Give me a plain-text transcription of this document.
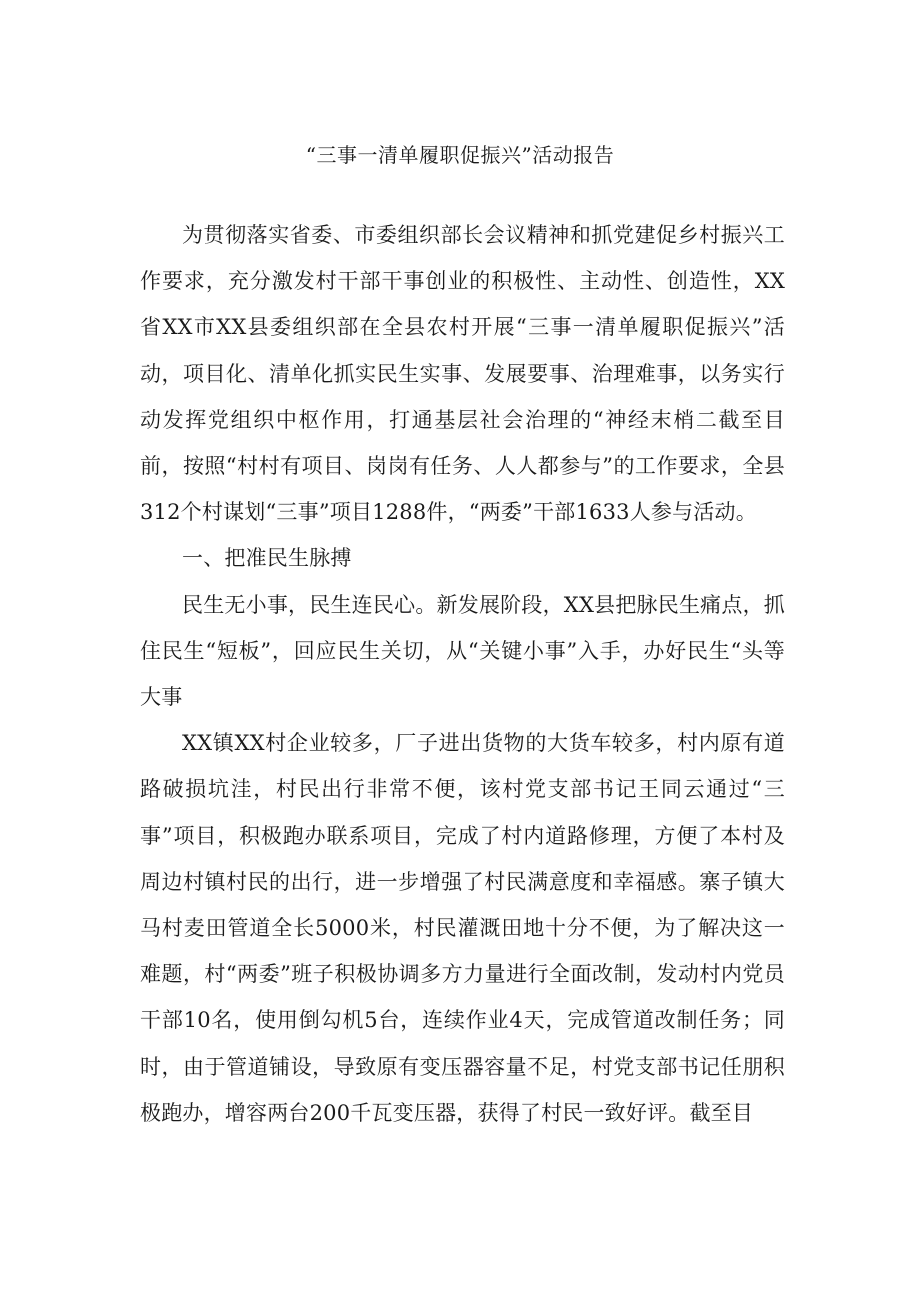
“三事一清单履职促振兴”活动报告

为贯彻落实省委、市委组织部长会议精神和抓党建促乡村振兴工作要求，充分激发村干部干事创业的积极性、主动性、创造性，XX省XX市XX县委组织部在全县农村开展“三事一清单履职促振兴”活动，项目化、清单化抓实民生实事、发展要事、治理难事，以务实行动发挥党组织中枢作用，打通基层社会治理的“神经末梢二截至目前，按照“村村有项目、岗岗有任务、人人都参与”的工作要求，全县312个村谋划“三事”项目1288件，“两委”干部1633人参与活动。

一、把准民生脉搏

民生无小事，民生连民心。新发展阶段，XX县把脉民生痛点，抓住民生“短板”，回应民生关切，从“关键小事”入手，办好民生“头等大事

XX镇XX村企业较多，厂子进出货物的大货车较多，村内原有道路破损坑洼，村民出行非常不便，该村党支部书记王同云通过“三事”项目，积极跑办联系项目，完成了村内道路修理，方便了本村及周边村镇村民的出行，进一步增强了村民满意度和幸福感。寨子镇大马村麦田管道全长5000米，村民灌溉田地十分不便，为了解决这一难题，村“两委”班子积极协调多方力量进行全面改制，发动村内党员干部10名，使用倒勾机5台，连续作业4天，完成管道改制任务；同时，由于管道铺设，导致原有变压器容量不足，村党支部书记任朋积极跑办，增容两台200千瓦变压器，获得了村民一致好评。截至目
